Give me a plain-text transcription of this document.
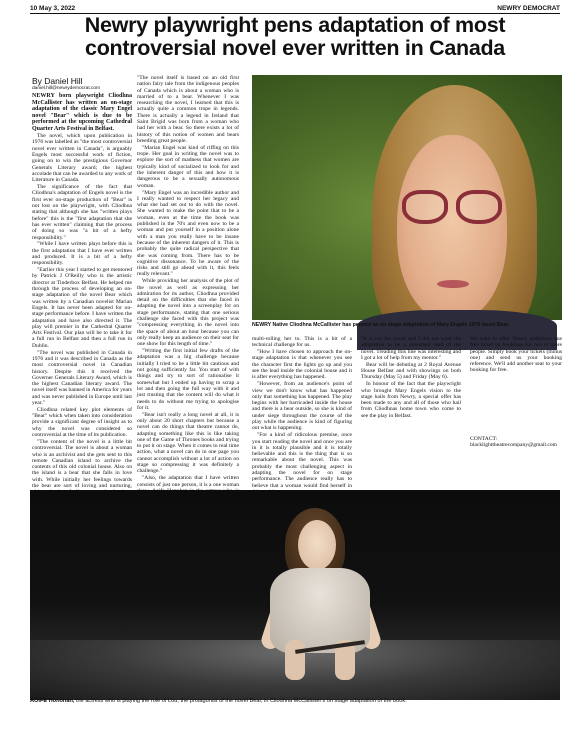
10 May 3, 2022	NEWRY DEMOCRAT
Newry playwright pens adaptation of most controversial novel ever written in Canada
By Daniel Hill
daniel.hill@newrydemocrat.com

NEWRY born playwright Cliodhna McCallister has written an on-stage adaptation of the classic Mary Engel novel "Bear" which is due to be performed at the upcoming Cathedral Quarter Arts Festival in Belfast.

The novel, which upon publication in 1976 was labelled as "the most controversial novel ever written in Canada", is arguably Engels most successful work of fiction, going on to win the prestigious Governor Generals Literary award; the highest accolade that can be awarded to any work of Literature in Canada.

The significance of the fact that Cliodhna's adaptation of Engels novel is the first ever on-stage production of "Bear" is not lost on the playwright, with Cliodhna stating that although she has "written plays before" this is the "first adaptation that she has ever written" claiming that the process of doing so was "a bit of a hefty responsibility."

"While I have written plays before this is the first adaptation that I have ever written and produced. It is a bit of a hefty responsibility.

"Earlier this year I started to get mentored by Patrick J O'Reilly who is the artistic director at Tinderbox Belfast. He helped me through the process of developing an on-stage adaptation of the novel Bear which was written by a Canadian novelist Marian Engels. It has never been adapted for on-stage performance before. I have written the adaptation and have also directed it. The play will premier in the Cathedral Quarter Arts Festival. Our plan will be to take it for a full run in Belfast and then a full run in Dublin.

"The novel was published in Canada in 1976 and it was described in Canada as the most controversial novel in Canadian history. Despite this it received the Governer Generals Literary Award, which is the highest Canadian literary award. The novel itself was banned in America for years and was never published in Europe until last year."

Cliodhna related key plot elements of "Bear" which when taken into consideration provide a significant degree of insight as to why the novel was considered so controversial at the time of its publication.

"The content of the novel is a little bit controversial. The novel is about a woman who is an archivist and she gets sent to this remote Canadian island to archive the contents of this old colonial house. Also on the island is a bear that she falls in love with. While initially her feelings towards the bear are sort of loving and nurturing,

"The novel itself is based on an old first nation fairy tale from the indigenous peoples of Canada which is about a woman who is married of to a bear. Whenever I was researching the novel, I learned that this is actually quite a common trope in legends. There is actually a legend in Ireland that Saint Brigid was born from a woman who had her with a bear. So there exists a lot of history of this notion of women and bears breeding great people.

"Marian Engel was kind of riffing on this trope. Her goal in writing the novel was to explore the sort of madness that women are typically kind of socialized to look for and the inherent danger of this and how it is dangerous to be a sexually autonomous woman.

"Mary Engel was an incredible author and I really wanted to respect her legacy and what she had set out to do with the novel. She wanted to make the point that to be a woman, even at the time the book was published in the 70's and even now to be a woman and put yourself in a position alone with a man you really have to be insane because of the inherent dangers of it. This is probably the quite radical perspective that she was coming from. There has to be cognitive dissonance. To be aware of the risks and still go ahead with it, this feels really relevant."

While providing her analysis of the plot of the novel as well as expressing her admiration for its author, Cliodhna provided detail on the difficulties that she faced in adapting the novel into a screenplay for on stage performance, stating that one serious challenge she faced with this project was "compressing everything in the novel into the space of about an hour because you can only really keep an audience on their seat for one show for this length of time."

"Writing the first initial few drafts of the adaptation was a big challenge because initially I tried to be a little bit cautious and not going sufficiently far. You start of with things and try to sort of rationalise it somewhat but I ended up having to scrap a lot and then going the full way with it and just trusting that the content will do what it needs to do without me trying to apologise for it.

"Bear isn't really a long novel at all, it is only about 20 short chapters but because a novel can do things that theatre cannot do, adapting something like this is like taking one of the Game of Thrones books and trying to put it on stage. When it comes to real time action, what a novel can do in one page you cannot accomplish without a lot of action on stage so compressing it was definitely a challenge."

"Also, the adaptation that I have written consists of just one person, it is a one woman

NEWRY Native Cliodhna McCallister has penned an on stage adaptation of Mary Engels 1976 novel Bear.

multi-rolling her to. This is a bit of a technical challenge for us.

"How I have chosen to approach the on-stage adaptation is that whenever you see the character first the lights go up and you see the lead inside the colonial house and it is after everything has happened.

"However, from an audience's point of view we don't know what has happened only that something has happened. The play begins with her barricaded inside the house and there is a bear outside, so she is kind of under siege throughout the course of the play while the audience is kind of figuring out what is happening.

"For a kind of ridiculous premise, once you start reading the novel and once you are in it is totally plausible and it is totally believable and this is the thing that is so remarkable about the novel. This was probably the most challenging aspect in adapting the novel for on stage performance. The audience really has to believe that a woman would find herself in

"It is not the novel and I did not want the adaptation to be a rehearsed read of the novel. Treading this line was interesting and I got a lot of help from my mentor."

Bear will be debuting at 2 Royal Avenue House Belfast and with showings on both Thursday (May 5) and Friday (May 6).

In honour of the fact that the playwright who brought Mary Engels vision to the stage hails from Newry, a special offer has been made to any and all of those who hail from Cliodhnas home town who come to see the play in Belfast.

We want to offer Newry audiences one free ticket on bookings for two or more people. Simply book your tickets (minus one) and send us your booking reference. We'll add another seat to your booking for free.

CONTACT: blacklighttheatrecompany@gmail.com
AOIFE Honohan, the actress who is playing the role of Lou, the protagonist of the novel Bear, in Cliodhna McCallister's on stage adaptation of the book.
